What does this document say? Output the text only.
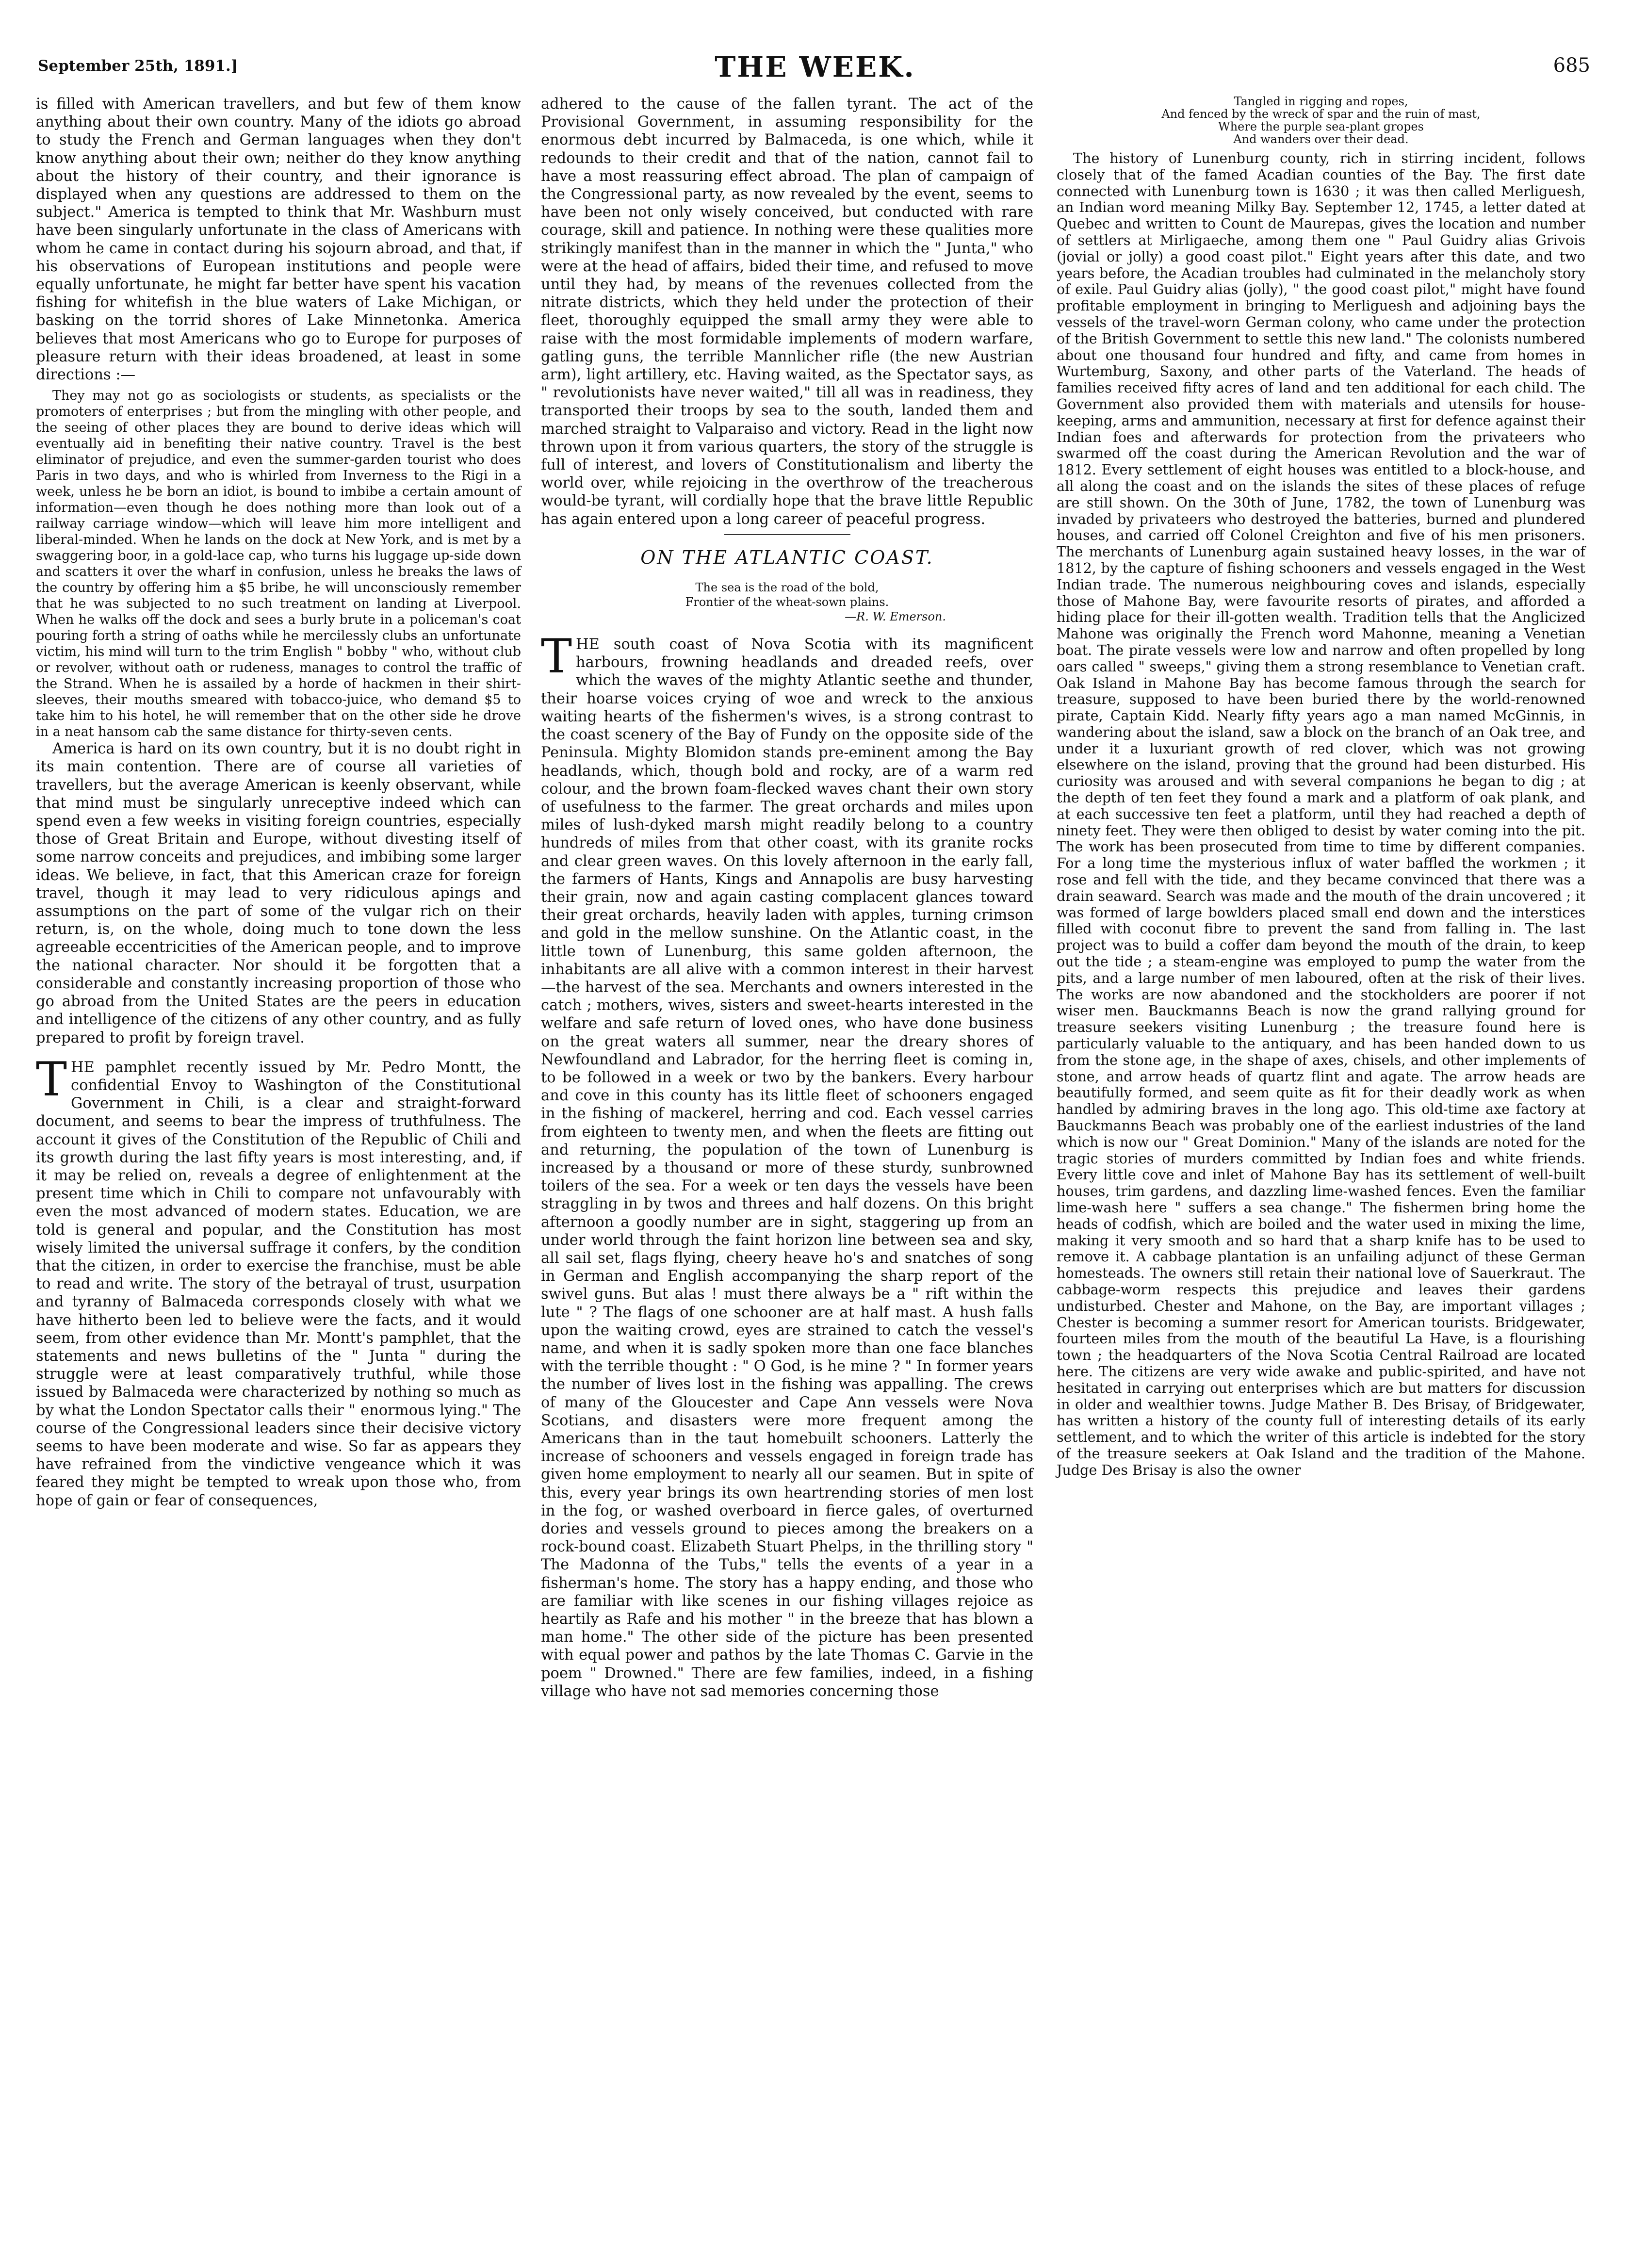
September 25th, 1891.]	THE WEEK.	685

is filled with American travellers, and but few of them know anything about their own country. Many of the idiots go abroad to study the French and German languages when they don't know anything about their own; neither do they know anything about the history of their country, and their ignorance is displayed when any questions are addressed to them on the subject." America is tempted to think that Mr. Washburn must have been singularly unfortunate in the class of Americans with whom he came in contact during his sojourn abroad, and that, if his observations of European institutions and people were equally unfortunate, he might far better have spent his vacation fishing for whitefish in the blue waters of Lake Michigan, or basking on the torrid shores of Lake Minnetonka. America believes that most Americans who go to Europe for purposes of pleasure return with their ideas broadened, at least in some directions :—

They may not go as sociologists or students, as specialists or the promoters of enterprises ; but from the mingling with other people, and the seeing of other places they are bound to derive ideas which will eventually aid in benefiting their native country. Travel is the best eliminator of prejudice, and even the summer-garden tourist who does Paris in two days, and who is whirled from Inverness to the Rigi in a week, unless he be born an idiot, is bound to imbibe a certain amount of information—even though he does nothing more than look out of a railway carriage window—which will leave him more intelligent and liberal-minded. When he lands on the dock at New York, and is met by a swaggering boor, in a gold-lace cap, who turns his luggage up-side down and scatters it over the wharf in confusion, unless he breaks the laws of the country by offering him a $5 bribe, he will unconsciously remember that he was subjected to no such treatment on landing at Liverpool. When he walks off the dock and sees a burly brute in a policeman's coat pouring forth a string of oaths while he mercilessly clubs an unfortunate victim, his mind will turn to the trim English " bobby " who, without club or revolver, without oath or rudeness, manages to control the traffic of the Strand. When he is assailed by a horde of hackmen in their shirt-sleeves, their mouths smeared with tobacco-juice, who demand $5 to take him to his hotel, he will remember that on the other side he drove in a neat hansom cab the same distance for thirty-seven cents.

America is hard on its own country, but it is no doubt right in its main contention. There are of course all varieties of travellers, but the average American is keenly observant, while that mind must be singularly unreceptive indeed which can spend even a few weeks in visiting foreign countries, especially those of Great Britain and Europe, without divesting itself of some narrow conceits and prejudices, and imbibing some larger ideas. We believe, in fact, that this American craze for foreign travel, though it may lead to very ridiculous apings and assumptions on the part of some of the vulgar rich on their return, is, on the whole, doing much to tone down the less agreeable eccentricities of the American people, and to improve the national character. Nor should it be forgotten that a considerable and constantly increasing proportion of those who go abroad from the United States are the peers in education and intelligence of the citizens of any other country, and as fully prepared to profit by foreign travel.

THE pamphlet recently issued by Mr. Pedro Montt, the confidential Envoy to Washington of the Constitutional Government in Chili, is a clear and straight-forward document, and seems to bear the impress of truthfulness. The account it gives of the Constitution of the Republic of Chili and its growth during the last fifty years is most interesting, and, if it may be relied on, reveals a degree of enlightenment at the present time which in Chili to compare not unfavourably with even the most advanced of modern states. Education, we are told is general and popular, and the Constitution has most wisely limited the universal suffrage it confers, by the condition that the citizen, in order to exercise the franchise, must be able to read and write. The story of the betrayal of trust, usurpation and tyranny of Balmaceda corresponds closely with what we have hitherto been led to believe were the facts, and it would seem, from other evidence than Mr. Montt's pamphlet, that the statements and news bulletins of the " Junta " during the struggle were at least comparatively truthful, while those issued by Balmaceda were characterized by nothing so much as by what the London Spectator calls their " enormous lying." The course of the Congressional leaders since their decisive victory seems to have been moderate and wise. So far as appears they have refrained from the vindictive vengeance which it was feared they might be tempted to wreak upon those who, from hope of gain or fear of consequences,

adhered to the cause of the fallen tyrant. The act of the Provisional Government, in assuming responsibility for the enormous debt incurred by Balmaceda, is one which, while it redounds to their credit and that of the nation, cannot fail to have a most reassuring effect abroad. The plan of campaign of the Congressional party, as now revealed by the event, seems to have been not only wisely conceived, but conducted with rare courage, skill and patience. In nothing were these qualities more strikingly manifest than in the manner in which the " Junta," who were at the head of affairs, bided their time, and refused to move until they had, by means of the revenues collected from the nitrate districts, which they held under the protection of their fleet, thoroughly equipped the small army they were able to raise with the most formidable implements of modern warfare, gatling guns, the terrible Mannlicher rifle (the new Austrian arm), light artillery, etc. Having waited, as the Spectator says, as " revolutionists have never waited," till all was in readiness, they transported their troops by sea to the south, landed them and marched straight to Valparaiso and victory. Read in the light now thrown upon it from various quarters, the story of the struggle is full of interest, and lovers of Constitutionalism and liberty the world over, while rejoicing in the overthrow of the treacherous would-be tyrant, will cordially hope that the brave little Republic has again entered upon a long career of peaceful progress.

ON THE ATLANTIC COAST.
The sea is the road of the bold,
Frontier of the wheat-sown plains.
—R. W. Emerson.

THE south coast of Nova Scotia with its magnificent harbours, frowning headlands and dreaded reefs, over which the waves of the mighty Atlantic seethe and thunder, their hoarse voices crying of woe and wreck to the anxious waiting hearts of the fishermen's wives, is a strong contrast to the coast scenery of the Bay of Fundy on the opposite side of the Peninsula. Mighty Blomidon stands pre-eminent among the Bay headlands, which, though bold and rocky, are of a warm red colour, and the brown foam-flecked waves chant their own story of usefulness to the farmer. The great orchards and miles upon miles of lush-dyked marsh might readily belong to a country hundreds of miles from that other coast, with its granite rocks and clear green waves. On this lovely afternoon in the early fall, the farmers of Hants, Kings and Annapolis are busy harvesting their grain, now and again casting complacent glances toward their great orchards, heavily laden with apples, turning crimson and gold in the mellow sunshine. On the Atlantic coast, in the little town of Lunenburg, this same golden afternoon, the inhabitants are all alive with a common interest in their harvest—the harvest of the sea. Merchants and owners interested in the catch ; mothers, wives, sisters and sweet-hearts interested in the welfare and safe return of loved ones, who have done business on the great waters all summer, near the dreary shores of Newfoundland and Labrador, for the herring fleet is coming in, to be followed in a week or two by the bankers. Every harbour and cove in this county has its little fleet of schooners engaged in the fishing of mackerel, herring and cod. Each vessel carries from eighteen to twenty men, and when the fleets are fitting out and returning, the population of the town of Lunenburg is increased by a thousand or more of these sturdy, sunbrowned toilers of the sea. For a week or ten days the vessels have been straggling in by twos and threes and half dozens. On this bright afternoon a goodly number are in sight, staggering up from an under world through the faint horizon line between sea and sky, all sail set, flags flying, cheery heave ho's and snatches of song in German and English accompanying the sharp report of the swivel guns. But alas ! must there always be a " rift within the lute " ? The flags of one schooner are at half mast. A hush falls upon the waiting crowd, eyes are strained to catch the vessel's name, and when it is sadly spoken more than one face blanches with the terrible thought : " O God, is he mine ? " In former years the number of lives lost in the fishing was appalling. The crews of many of the Gloucester and Cape Ann vessels were Nova Scotians, and disasters were more frequent among the Americans than in the taut homebuilt schooners. Latterly the increase of schooners and vessels engaged in foreign trade has given home employment to nearly all our seamen. But in spite of this, every year brings its own heartrending stories of men lost in the fog, or washed overboard in fierce gales, of overturned dories and vessels ground to pieces among the breakers on a rock-bound coast. Elizabeth Stuart Phelps, in the thrilling story " The Madonna of the Tubs," tells the events of a year in a fisherman's home. The story has a happy ending, and those who are familiar with like scenes in our fishing villages rejoice as heartily as Rafe and his mother " in the breeze that has blown a man home." The other side of the picture has been presented with equal power and pathos by the late Thomas C. Garvie in the poem " Drowned." There are few families, indeed, in a fishing village who have not sad memories concerning those

Tangled in rigging and ropes,
And fenced by the wreck of spar and the ruin of mast,
Where the purple sea-plant gropes
And wanders over their dead.

The history of Lunenburg county, rich in stirring incident, follows closely that of the famed Acadian counties of the Bay. The first date connected with Lunenburg town is 1630 ; it was then called Merliguesh, an Indian word meaning Milky Bay. September 12, 1745, a letter dated at Quebec and written to Count de Maurepas, gives the location and number of settlers at Mirligaeche, among them one " Paul Guidry alias Grivois (jovial or jolly) a good coast pilot." Eight years after this date, and two years before, the Acadian troubles had culminated in the melancholy story of exile. Paul Guidry alias (jolly), " the good coast pilot," might have found profitable employment in bringing to Merliguesh and adjoining bays the vessels of the travel-worn German colony, who came under the protection of the British Government to settle this new land." The colonists numbered about one thousand four hundred and fifty, and came from homes in Wurtemburg, Saxony, and other parts of the Vaterland. The heads of families received fifty acres of land and ten additional for each child. The Government also provided them with materials and utensils for house-keeping, arms and ammunition, necessary at first for defence against their Indian foes and afterwards for protection from the privateers who swarmed off the coast during the American Revolution and the war of 1812. Every settlement of eight houses was entitled to a block-house, and all along the coast and on the islands the sites of these places of refuge are still shown. On the 30th of June, 1782, the town of Lunenburg was invaded by privateers who destroyed the batteries, burned and plundered houses, and carried off Colonel Creighton and five of his men prisoners. The merchants of Lunenburg again sustained heavy losses, in the war of 1812, by the capture of fishing schooners and vessels engaged in the West Indian trade. The numerous neighbouring coves and islands, especially those of Mahone Bay, were favourite resorts of pirates, and afforded a hiding place for their ill-gotten wealth. Tradition tells that the Anglicized Mahone was originally the French word Mahonne, meaning a Venetian boat. The pirate vessels were low and narrow and often propelled by long oars called " sweeps," giving them a strong resemblance to Venetian craft. Oak Island in Mahone Bay has become famous through the search for treasure, supposed to have been buried there by the world-renowned pirate, Captain Kidd. Nearly fifty years ago a man named McGinnis, in wandering about the island, saw a block on the branch of an Oak tree, and under it a luxuriant growth of red clover, which was not growing elsewhere on the island, proving that the ground had been disturbed. His curiosity was aroused and with several companions he began to dig ; at the depth of ten feet they found a mark and a platform of oak plank, and at each successive ten feet a platform, until they had reached a depth of ninety feet. They were then obliged to desist by water coming into the pit. The work has been prosecuted from time to time by different companies. For a long time the mysterious influx of water baffled the workmen ; it rose and fell with the tide, and they became convinced that there was a drain seaward. Search was made and the mouth of the drain uncovered ; it was formed of large bowlders placed small end down and the interstices filled with coconut fibre to prevent the sand from falling in. The last project was to build a coffer dam beyond the mouth of the drain, to keep out the tide ; a steam-engine was employed to pump the water from the pits, and a large number of men laboured, often at the risk of their lives. The works are now abandoned and the stockholders are poorer if not wiser men. Bauckmanns Beach is now the grand rallying ground for treasure seekers visiting Lunenburg ; the treasure found here is particularly valuable to the antiquary, and has been handed down to us from the stone age, in the shape of axes, chisels, and other implements of stone, and arrow heads of quartz flint and agate. The arrow heads are beautifully formed, and seem quite as fit for their deadly work as when handled by admiring braves in the long ago. This old-time axe factory at Bauckmanns Beach was probably one of the earliest industries of the land which is now our " Great Dominion." Many of the islands are noted for the tragic stories of murders committed by Indian foes and white friends. Every little cove and inlet of Mahone Bay has its settlement of well-built houses, trim gardens, and dazzling lime-washed fences. Even the familiar lime-wash here " suffers a sea change." The fishermen bring home the heads of codfish, which are boiled and the water used in mixing the lime, making it very smooth and so hard that a sharp knife has to be used to remove it. A cabbage plantation is an unfailing adjunct of these German homesteads. The owners still retain their national love of Sauerkraut. The cabbage-worm respects this prejudice and leaves their gardens undisturbed. Chester and Mahone, on the Bay, are important villages ; Chester is becoming a summer resort for American tourists. Bridgewater, fourteen miles from the mouth of the beautiful La Have, is a flourishing town ; the headquarters of the Nova Scotia Central Railroad are located here. The citizens are very wide awake and public-spirited, and have not hesitated in carrying out enterprises which are but matters for discussion in older and wealthier towns. Judge Mather B. Des Brisay, of Bridgewater, has written a history of the county full of interesting details of its early settlement, and to which the writer of this article is indebted for the story of the treasure seekers at Oak Island and the tradition of the Mahone. Judge Des Brisay is also the owner
